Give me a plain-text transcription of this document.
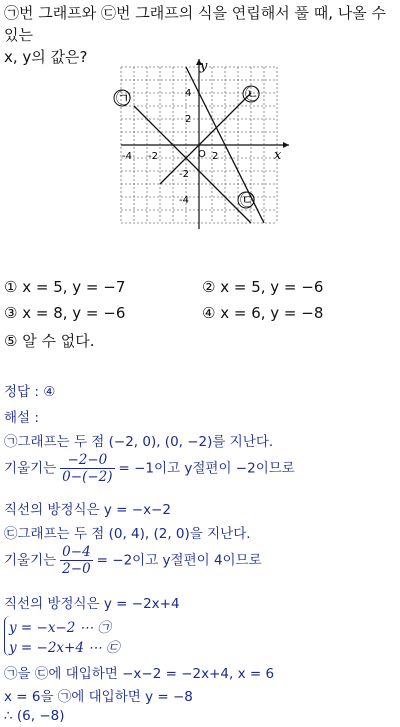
㉠번 그래프와 ㉢번 그래프의 식을 연립해서 풀 때, 나올 수 있는
x, y의 값은?
x
y
O
-4 -2	2
4
2
-2
-4
㉠	㉡
㉢
① x = 5, y = −7	② x = 5, y = −6
③ x = 8, y = −6	④ x = 6, y = −8
⑤ 알 수 없다.
정답 : ④
해설 :
㉠그래프는 두 점 (−2, 0), (0, −2)를 지난다.
기울기는 $\frac{-2-0}{0-(-2)} = -1$이고 y절편이 −2이므로
직선의 방정식은 y = −x−2
㉢그래프는 두 점 (0, 4), (2, 0)을 지난다.
기울기는 $\frac{0-4}{2-0} = -2$이고 y절편이 4이므로
직선의 방정식은 y = −2x+4
y = −x−2 ⋯ ㉠
y = −2x+4 ⋯ ㉢
㉠을 ㉢에 대입하면 −x−2 = −2x+4, x = 6
x = 6을 ㉠에 대입하면 y = −8
∴ (6, −8)
